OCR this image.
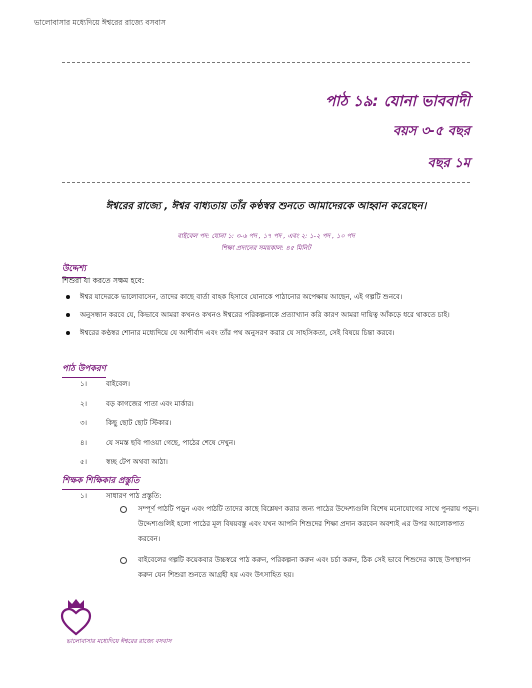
ভালোবাসার মধ্যেদিয়ে ঈশ্বরের রাজ্যে বসবাস
পাঠ ১৯: যোনা ভাববাদী
বয়স ৩-৫ বছর
বছর ১ম
ঈশ্বরের রাজ্যে , ঈশ্বর বাধ্যতায় তাঁর কণ্ঠস্বর শুনতে আমাদেরকে আহ্বান করেছেন।
বাইবেল পদ: যোনা ১: ৩-৬ পদ , ১৭ পদ , এবং ২: ১-২ পদ , ১০ পদ
শিক্ষা প্রদানের সময়কাল: ৪৫ মিনিট
উদ্দেশ্য
শিশুরা যা করতে সক্ষম হবে:
ঈশ্বর যাদেরকে ভালোবাসেন, তাদের কাছে বার্তা বাহক হিসাবে যোনাকে পাঠানোর অপেক্ষায় আছেন, এই গল্পটি শুনবে।
অনুসন্ধান করবে যে, কিভাবে আমরা কখনও কখনও ঈশ্বরের পরিকল্পনাকে প্রত্যাখ্যান করি কারণ আমরা দায়িত্ব আঁকড়ে ধরে থাকতে চাই।
ঈশ্বরের কণ্ঠস্বর শোনার মধ্যেদিয়ে যে আশীর্বাদ এবং তাঁর পথ অনুসরণ করার যে সাহসিকতা, সেই বিষয়ে চিন্তা করবে।
পাঠ উপকরণ
১।	বাইবেল।
২।	বড় কাগজের পাতা এবং মার্কার।
৩।	কিছু ছোট ছোট স্টিকার।
৪।	যে সমস্ত ছবি পাওয়া গেছে, পাঠের শেষে দেখুন।
৫।	স্বচ্ছ টেপ অথবা আঠা।
শিক্ষক শিক্ষিকার প্রস্তুতি
১।	সাধারণ পাঠ প্রস্তুতি:
সম্পূর্ণ পাঠটি পড়ুন এবং পাঠটি তাদের কাছে বিশ্লেষণ করার জন্য পাঠের উদ্দেশ্যগুলি বিশেষ মনোযোগের সাথে পুনরায় পড়ুন। উদ্দেশ্যগুলিই হলো পাঠের মূল বিষয়বস্তু এবং যখন আপনি শিশুদের শিক্ষা প্রদান করবেন অবশ্যই এর উপর আলোকপাত করবেন।
বাইবেলের গল্পটি কয়েকবার উচ্চস্বরে পাঠ করুন, পরিকল্পনা করুন এবং চর্চা করুন, ঠিক সেই ভাবে শিশুদের কাছে উপস্থাপন করুন যেন শিশুরা শুনতে আগ্রহী হয় এবং উৎসাহিত হয়।
ভালোবাসার মধ্যেদিয়ে ঈশ্বরের রাজ্যে বসবাস
